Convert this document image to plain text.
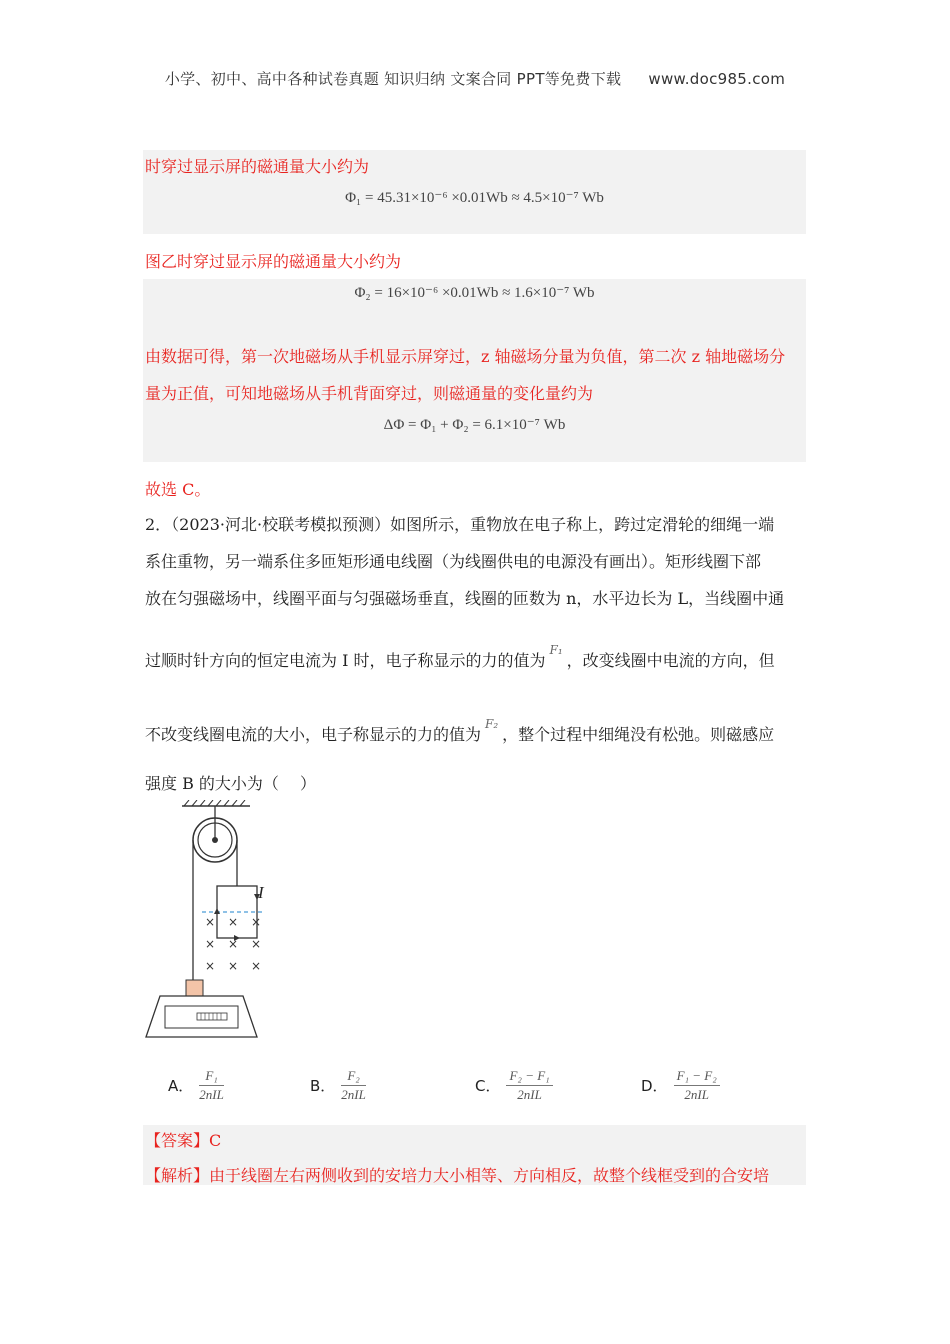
小学、初中、高中各种试卷真题 知识归纳 文案合同 PPT等免费下载 www.doc985.com
时穿过显示屏的磁通量大小约为
Φ₁ = 45.31×10⁻⁶ ×0.01Wb ≈ 4.5×10⁻⁷ Wb
图乙时穿过显示屏的磁通量大小约为
Φ₂ = 16×10⁻⁶ ×0.01Wb ≈ 1.6×10⁻⁷ Wb
由数据可得，第一次地磁场从手机显示屏穿过，z 轴磁场分量为负值，第二次 z 轴地磁场分
量为正值，可知地磁场从手机背面穿过，则磁通量的变化量约为
ΔΦ = Φ₁ + Φ₂ = 6.1×10⁻⁷ Wb
故选 C。
2．（2023·河北·校联考模拟预测）如图所示，重物放在电子称上，跨过定滑轮的细绳一端
系住重物，另一端系住多匝矩形通电线圈（为线圈供电的电源没有画出）。矩形线圈下部
放在匀强磁场中，线圈平面与匀强磁场垂直，线圈的匝数为 n，水平边长为 L，当线圈中通
过顺时针方向的恒定电流为 I 时，电子称显示的力的值为$^{F_1}$，改变线圈中电流的方向，但
不改变线圈电流的大小，电子称显示的力的值为$^{F_2}$，整个过程中细绳没有松弛。则磁感应
强度 B 的大小为（　 ）
I
× × ×
× × ×
× × ×
A． $\frac{\text{F₁}}{\text{2nIL}}$	B． $\frac{\text{F₂}}{\text{2nIL}}$	C． $\frac{\text{F₂ − F₁}}{\text{2nIL}}$	D． $\frac{\text{F₁ − F₂}}{\text{2nIL}}$
【答案】C
【解析】由于线圈左右两侧收到的安培力大小相等、方向相反，故整个线框受到的合安培
